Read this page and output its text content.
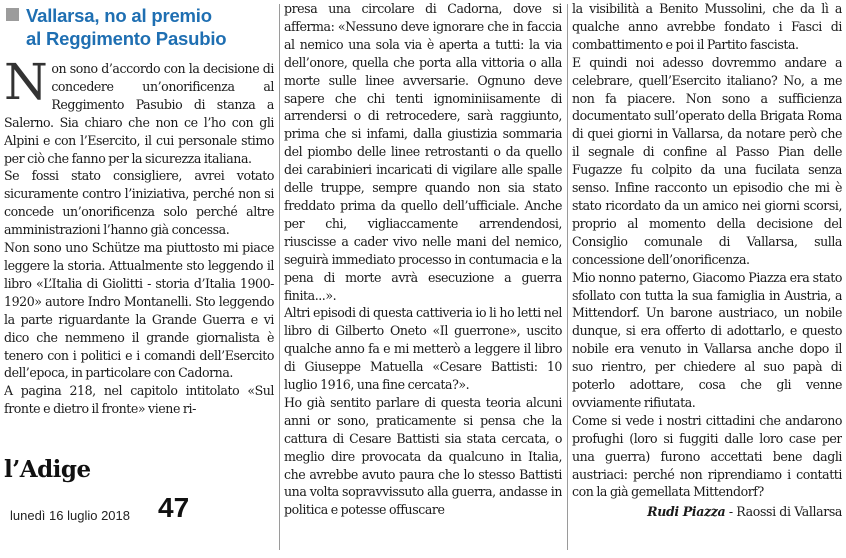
Vallarsa, no al premio
al Reggimento Pasubio

Non sono d’accordo con la decisione di concedere un’onorificenza al Reggimento Pasubio di stanza a Salerno. Sia chiaro che non ce l’ho con gli Alpini e con l’Esercito, il cui personale stimo per ciò che fanno per la sicurezza italiana.

Se fossi stato consigliere, avrei votato sicuramente contro l’iniziativa, perché non si concede un’onorificenza solo perché altre amministrazioni l’hanno già concessa.

Non sono uno Schütze ma piuttosto mi piace leggere la storia. Attualmente sto leggendo il libro «L’Italia di Giolitti - storia d’Italia 1900- 1920» autore Indro Montanelli. Sto leggendo la parte riguardante la Grande Guerra e vi dico che nemmeno il grande giornalista è tenero con i politici e i comandi dell’Esercito dell’epoca, in particolare con Cadorna.

A pagina 218, nel capitolo intitolato «Sul fronte e dietro il fronte» viene ri-

l’Adige
lunedì 16 luglio 2018 47

presa una circolare di Cadorna, dove si afferma: «Nessuno deve ignorare che in faccia al nemico una sola via è aperta a tutti: la via dell’onore, quella che porta alla vittoria o alla morte sulle linee avversarie. Ognuno deve sapere che chi tenti ignominiisamente di arrendersi o di retrocedere, sarà raggiunto, prima che si infami, dalla giustizia sommaria del piombo delle linee retrostanti o da quello dei carabinieri incaricati di vigilare alle spalle delle truppe, sempre quando non sia stato freddato prima da quello dell’ufficiale. Anche per chi, vigliaccamente arrendendosi, riuscisse a cader vivo nelle mani del nemico, seguirà immediato processo in contumacia e la pena di morte avrà esecuzione a guerra finita...».

Altri episodi di questa cattiveria io li ho letti nel libro di Gilberto Oneto «Il guerrone», uscito qualche anno fa e mi metterò a leggere il libro di Giuseppe Matuella «Cesare Battisti: 10 luglio 1916, una fine cercata?».

Ho già sentito parlare di questa teoria alcuni anni or sono, praticamente si pensa che la cattura di Cesare Battisti sia stata cercata, o meglio dire provocata da qualcuno in Italia, che avrebbe avuto paura che lo stesso Battisti una volta sopravvissuto alla guerra, andasse in politica e potesse offuscare

la visibilità a Benito Mussolini, che da lì a qualche anno avrebbe fondato i Fasci di combattimento e poi il Partito fascista.

E quindi noi adesso dovremmo andare a celebrare, quell’Esercito italiano? No, a me non fa piacere. Non sono a sufficienza documentato sull’operato della Brigata Roma di quei giorni in Vallarsa, da notare però che il segnale di confine al Passo Pian delle Fugazze fu colpito da una fucilata senza senso. Infine racconto un episodio che mi è stato ricordato da un amico nei giorni scorsi, proprio al momento della decisione del Consiglio comunale di Vallarsa, sulla concessione dell’onorificenza.

Mio nonno paterno, Giacomo Piazza era stato sfollato con tutta la sua famiglia in Austria, a Mittendorf. Un barone austriaco, un nobile dunque, si era offerto di adottarlo, e questo nobile era venuto in Vallarsa anche dopo il suo rientro, per chiedere al suo papà di poterlo adottare, cosa che gli venne ovviamente rifiutata.

Come si vede i nostri cittadini che andarono profughi (loro si fuggiti dalle loro case per una guerra) furono accettati bene dagli austriaci: perché non riprendiamo i contatti con la già gemellata Mittendorf?

Rudi Piazza - Raossi di Vallarsa
